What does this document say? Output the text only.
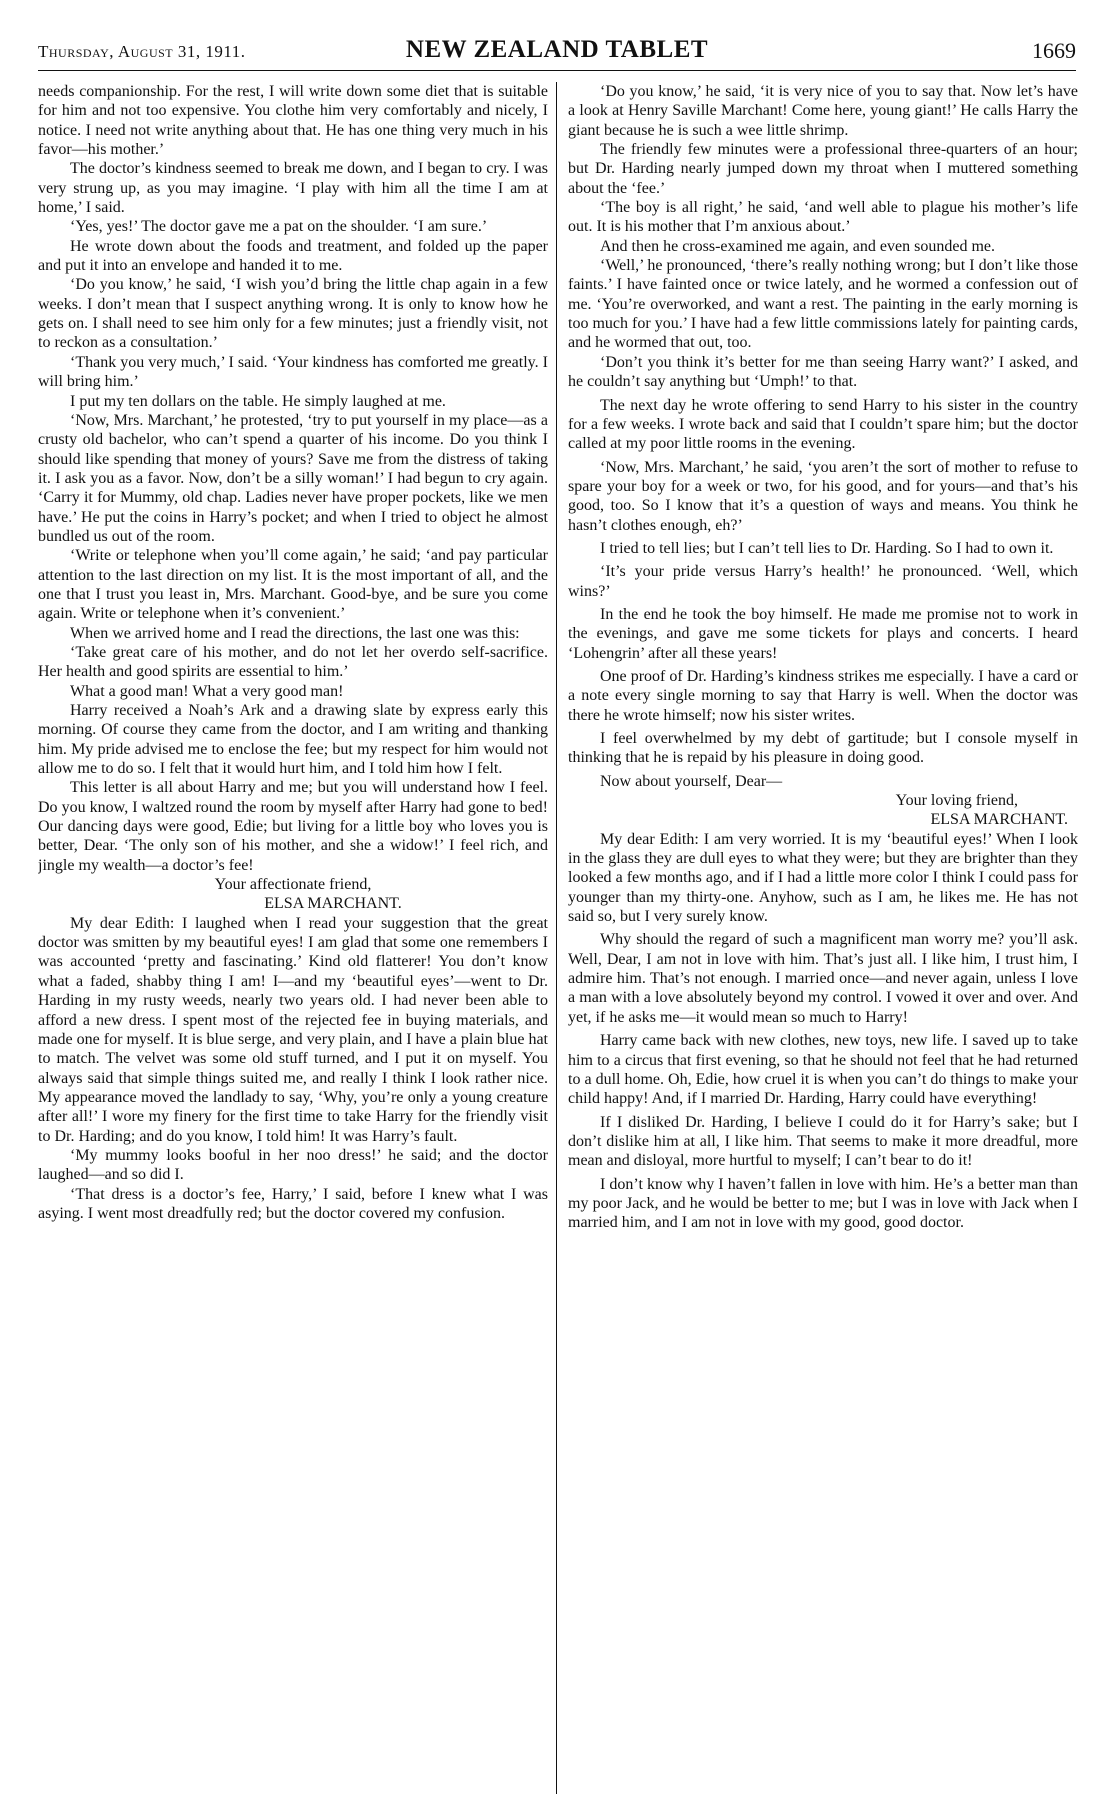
Thursday, August 31, 1911.	NEW ZEALAND TABLET	1669

needs companionship. For the rest, I will write down some diet that is suitable for him and not too expensive. You clothe him very comfortably and nicely, I notice. I need not write anything about that. He has one thing very much in his favor—his mother.’

The doctor’s kindness seemed to break me down, and I began to cry. I was very strung up, as you may imagine. ‘I play with him all the time I am at home,’ I said.

‘Yes, yes!’ The doctor gave me a pat on the shoulder. ‘I am sure.’

He wrote down about the foods and treatment, and folded up the paper and put it into an envelope and handed it to me.

‘Do you know,’ he said, ‘I wish you’d bring the little chap again in a few weeks. I don’t mean that I suspect anything wrong. It is only to know how he gets on. I shall need to see him only for a few minutes; just a friendly visit, not to reckon as a consultation.’

‘Thank you very much,’ I said. ‘Your kindness has comforted me greatly. I will bring him.’

I put my ten dollars on the table. He simply laughed at me.

‘Now, Mrs. Marchant,’ he protested, ‘try to put yourself in my place—as a crusty old bachelor, who can’t spend a quarter of his income. Do you think I should like spending that money of yours? Save me from the distress of taking it. I ask you as a favor. Now, don’t be a silly woman!’ I had begun to cry again. ‘Carry it for Mummy, old chap. Ladies never have proper pockets, like we men have.’ He put the coins in Harry’s pocket; and when I tried to object he almost bundled us out of the room.

‘Write or telephone when you’ll come again,’ he said; ‘and pay particular attention to the last direction on my list. It is the most important of all, and the one that I trust you least in, Mrs. Marchant. Good-bye, and be sure you come again. Write or telephone when it’s convenient.’

When we arrived home and I read the directions, the last one was this:

‘Take great care of his mother, and do not let her overdo self-sacrifice. Her health and good spirits are essential to him.’

What a good man! What a very good man!

Harry received a Noah’s Ark and a drawing slate by express early this morning. Of course they came from the doctor, and I am writing and thanking him. My pride advised me to enclose the fee; but my respect for him would not allow me to do so. I felt that it would hurt him, and I told him how I felt.

This letter is all about Harry and me; but you will understand how I feel. Do you know, I waltzed round the room by myself after Harry had gone to bed! Our dancing days were good, Edie; but living for a little boy who loves you is better, Dear. ‘The only son of his mother, and she a widow!’ I feel rich, and jingle my wealth—a doctor’s fee!

Your affectionate friend,

ELSA MARCHANT.

My dear Edith: I laughed when I read your suggestion that the great doctor was smitten by my beautiful eyes! I am glad that some one remembers I was accounted ‘pretty and fascinating.’ Kind old flatterer! You don’t know what a faded, shabby thing I am! I—and my ‘beautiful eyes’—went to Dr. Harding in my rusty weeds, nearly two years old. I had never been able to afford a new dress. I spent most of the rejected fee in buying materials, and made one for myself. It is blue serge, and very plain, and I have a plain blue hat to match. The velvet was some old stuff turned, and I put it on myself. You always said that simple things suited me, and really I think I look rather nice. My appearance moved the landlady to say, ‘Why, you’re only a young creature after all!’ I wore my finery for the first time to take Harry for the friendly visit to Dr. Harding; and do you know, I told him! It was Harry’s fault.

‘My mummy looks booful in her noo dress!’ he said; and the doctor laughed—and so did I.

‘That dress is a doctor’s fee, Harry,’ I said, before I knew what I was asying. I went most dreadfully red; but the doctor covered my confusion.

‘Do you know,’ he said, ‘it is very nice of you to say that. Now let’s have a look at Henry Saville Marchant! Come here, young giant!’ He calls Harry the giant because he is such a wee little shrimp.

The friendly few minutes were a professional three-quarters of an hour; but Dr. Harding nearly jumped down my throat when I muttered something about the ‘fee.’

‘The boy is all right,’ he said, ‘and well able to plague his mother’s life out. It is his mother that I’m anxious about.’

And then he cross-examined me again, and even sounded me.

‘Well,’ he pronounced, ‘there’s really nothing wrong; but I don’t like those faints.’ I have fainted once or twice lately, and he wormed a confession out of me. ‘You’re overworked, and want a rest. The painting in the early morning is too much for you.’ I have had a few little commissions lately for painting cards, and he wormed that out, too.

‘Don’t you think it’s better for me than seeing Harry want?’ I asked, and he couldn’t say anything but ‘Umph!’ to that.

The next day he wrote offering to send Harry to his sister in the country for a few weeks. I wrote back and said that I couldn’t spare him; but the doctor called at my poor little rooms in the evening.

‘Now, Mrs. Marchant,’ he said, ‘you aren’t the sort of mother to refuse to spare your boy for a week or two, for his good, and for yours—and that’s his good, too. So I know that it’s a question of ways and means. You think he hasn’t clothes enough, eh?’

I tried to tell lies; but I can’t tell lies to Dr. Harding. So I had to own it.

‘It’s your pride versus Harry’s health!’ he pronounced. ‘Well, which wins?’

In the end he took the boy himself. He made me promise not to work in the evenings, and gave me some tickets for plays and concerts. I heard ‘Lohengrin’ after all these years!

One proof of Dr. Harding’s kindness strikes me especially. I have a card or a note every single morning to say that Harry is well. When the doctor was there he wrote himself; now his sister writes.

I feel overwhelmed by my debt of gartitude; but I console myself in thinking that he is repaid by his pleasure in doing good.

Now about yourself, Dear—

Your loving friend,

ELSA MARCHANT.

My dear Edith: I am very worried. It is my ‘beautiful eyes!’ When I look in the glass they are dull eyes to what they were; but they are brighter than they looked a few months ago, and if I had a little more color I think I could pass for younger than my thirty-one. Anyhow, such as I am, he likes me. He has not said so, but I very surely know.

Why should the regard of such a magnificent man worry me? you’ll ask. Well, Dear, I am not in love with him. That’s just all. I like him, I trust him, I admire him. That’s not enough. I married once—and never again, unless I love a man with a love absolutely beyond my control. I vowed it over and over. And yet, if he asks me—it would mean so much to Harry!

Harry came back with new clothes, new toys, new life. I saved up to take him to a circus that first evening, so that he should not feel that he had returned to a dull home. Oh, Edie, how cruel it is when you can’t do things to make your child happy! And, if I married Dr. Harding, Harry could have everything!

If I disliked Dr. Harding, I believe I could do it for Harry’s sake; but I don’t dislike him at all, I like him. That seems to make it more dreadful, more mean and disloyal, more hurtful to myself; I can’t bear to do it!

I don’t know why I haven’t fallen in love with him. He’s a better man than my poor Jack, and he would be better to me; but I was in love with Jack when I married him, and I am not in love with my good, good doctor.
